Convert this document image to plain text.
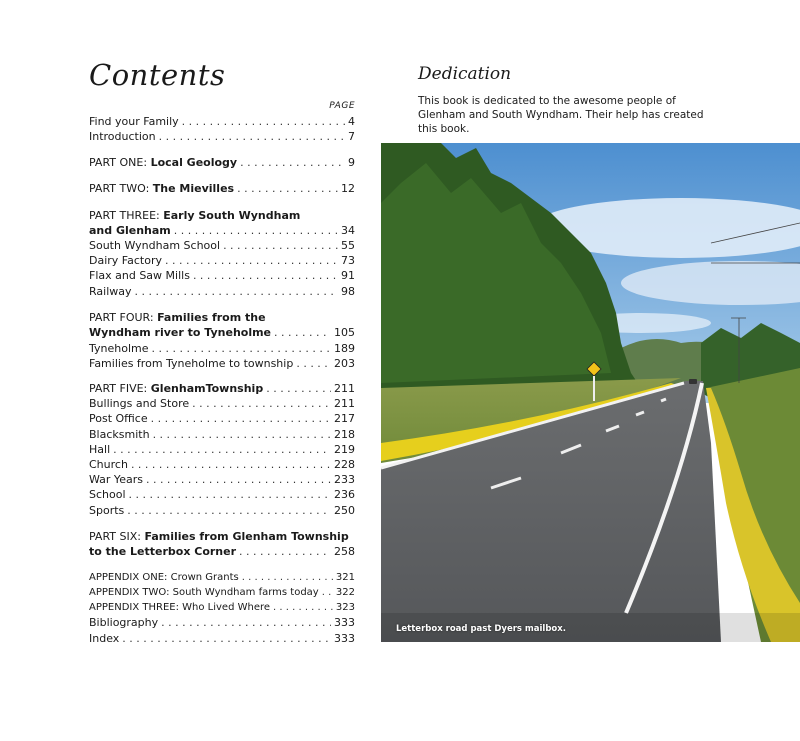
Contents
PAGE
Find your Family . . .	4
Introduction . . .	7
PART ONE: Local Geology . . .	9
PART TWO: The Mievilles . . .	12
PART THREE: Early South Wyndham
and Glenham . . .	34
South Wyndham School . . .	55
Dairy Factory . . .	73
Flax and Saw Mills . . .	91
Railway . . .	98
PART FOUR: Families from the
Wyndham river to Tyneholme . . .	105
Tyneholme . . .	189
Families from Tyneholme to township . . .	203
PART FIVE: GlenhamTownship . . .	211
Bullings and Store . . .	211
Post Office . . .	217
Blacksmith . . .	218
Hall . . .	219
Church . . .	228
War Years . . .	233
School . . .	236
Sports . . .	250
PART SIX: Families from Glenham Township
to the Letterbox Corner . . .	258
APPENDIX ONE: Crown Grants . . .	321
APPENDIX TWO: South Wyndham farms today . . . 322
APPENDIX THREE: Who Lived Where . . .	323
Bibliography . . .	333
Index . . .	333
Dedication
This book is dedicated to the awesome people of Glenham and South Wyndham. Their help has created this book.
Letterbox road past Dyers mailbox.
